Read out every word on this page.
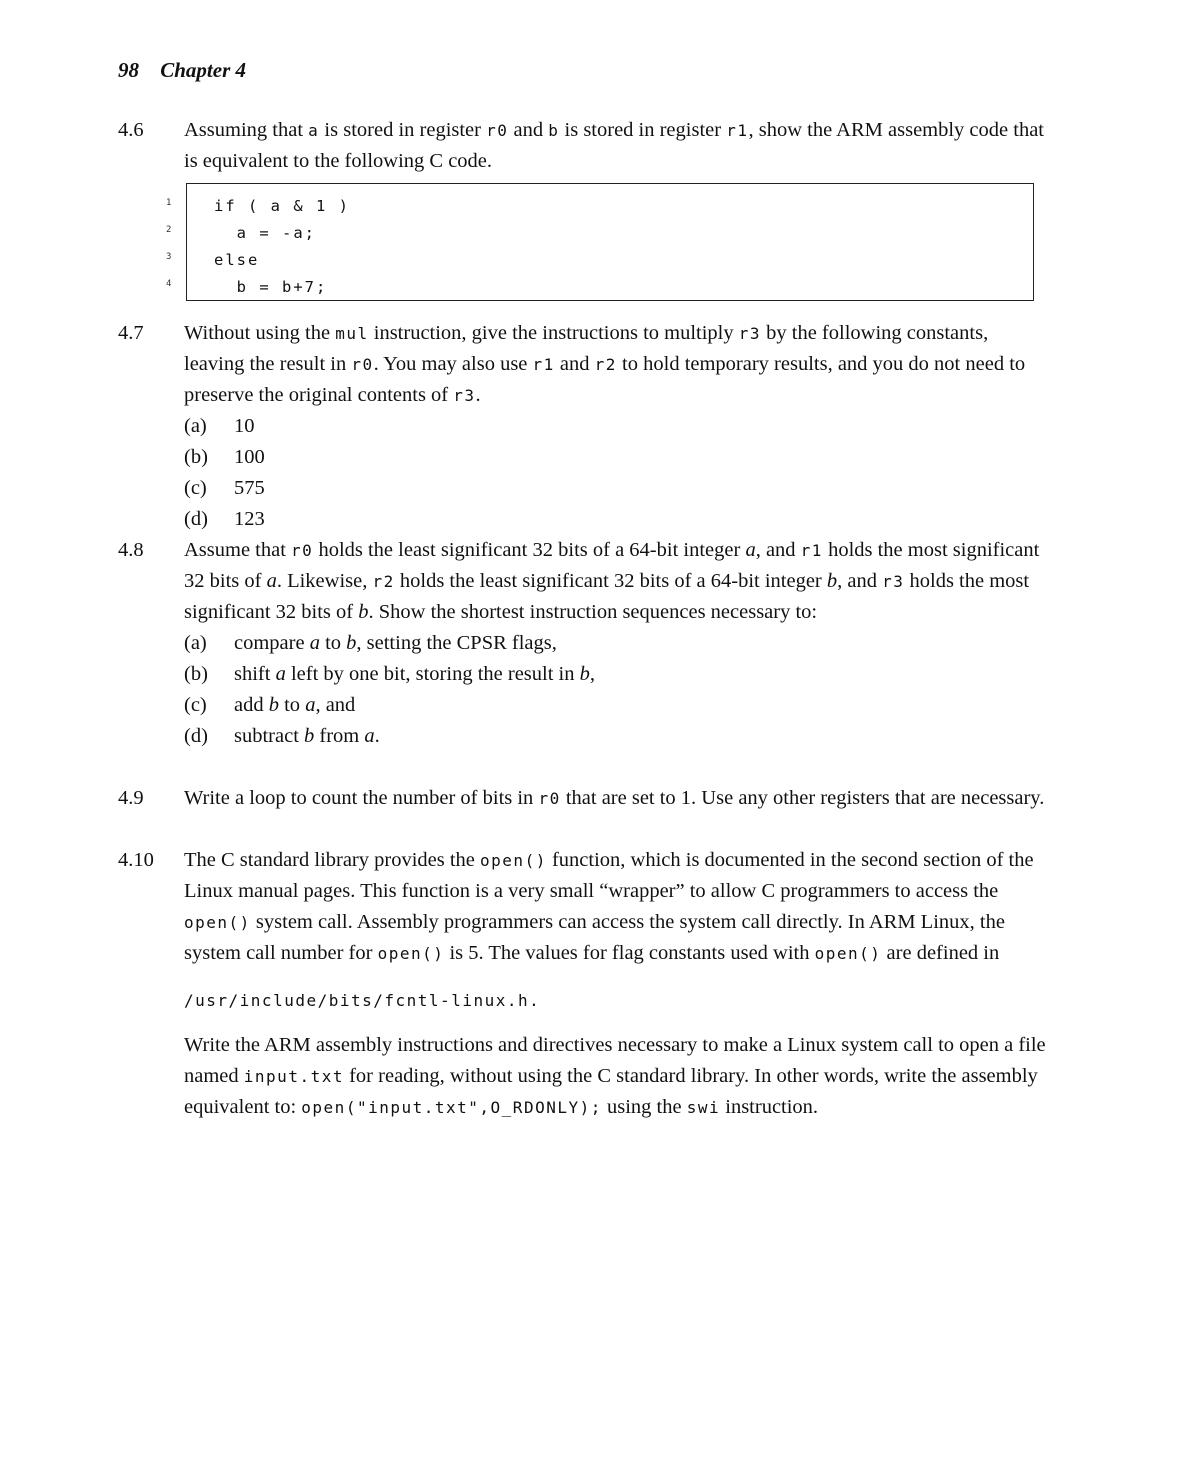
98 Chapter 4
4.6 Assuming that a is stored in register r0 and b is stored in register r1, show the ARM assembly code that is equivalent to the following C code.
1
2
3
4
if ( a & 1 )
a = -a;
else
b = b+7;
4.7 Without using the mul instruction, give the instructions to multiply r3 by the following constants, leaving the result in r0. You may also use r1 and r2 to hold temporary results, and you do not need to preserve the original contents of r3.
(a)	10
(b)	100
(c)	575
(d)	123
4.8 Assume that r0 holds the least significant 32 bits of a 64-bit integer a, and r1 holds the most significant 32 bits of a. Likewise, r2 holds the least significant 32 bits of a 64-bit integer b, and r3 holds the most significant 32 bits of b. Show the shortest instruction sequences necessary to:
(a)	compare a to b, setting the CPSR flags,
(b)	shift a left by one bit, storing the result in b,
(c)	add b to a, and
(d)	subtract b from a.
4.9 Write a loop to count the number of bits in r0 that are set to 1. Use any other registers that are necessary.
4.10 The C standard library provides the open() function, which is documented in the second section of the Linux manual pages. This function is a very small “wrapper” to allow C programmers to access the open() system call. Assembly programmers can access the system call directly. In ARM Linux, the system call number for open() is 5. The values for flag constants used with open() are defined in
/usr/include/bits/fcntl-linux.h.
Write the ARM assembly instructions and directives necessary to make a Linux system call to open a file named input.txt for reading, without using the C standard library. In other words, write the assembly equivalent to: open("input.txt",O_RDONLY); using the swi instruction.
